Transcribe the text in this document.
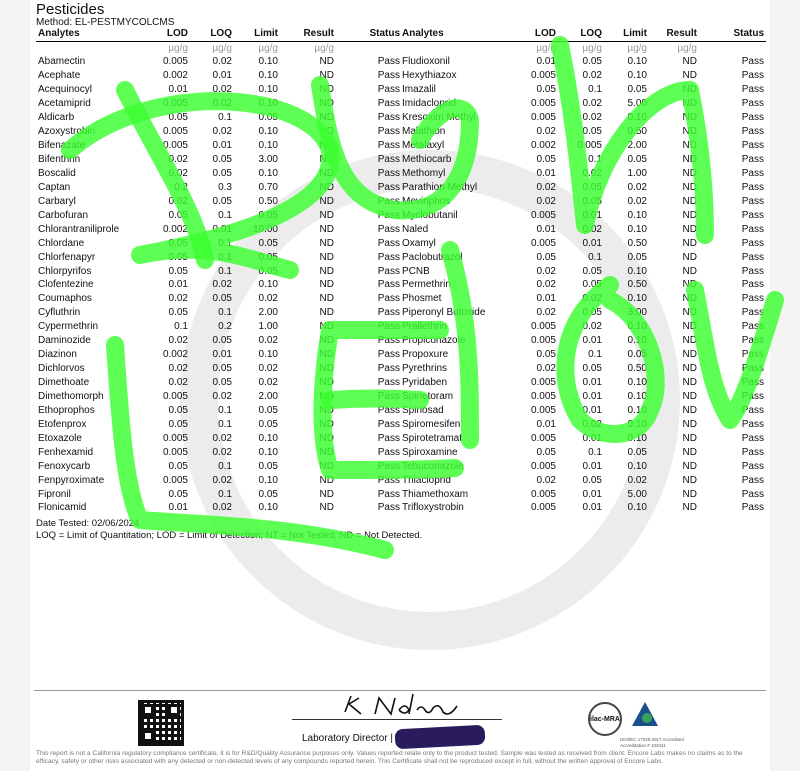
Pesticides
Method: EL-PESTMYCOLCMS
Analytes	LOD	LOQ	Limit	Result	Status
	µg/g	µg/g	µg/g	µg/g	
Abamectin	0.005	0.02	0.10	ND	Pass
Acephate	0.002	0.01	0.10	ND	Pass
Acequinocyl	0.01	0.02	0.10	ND	Pass
Acetamiprid	0.005	0.02	0.10	ND	Pass
Aldicarb	0.05	0.1	0.05	ND	Pass
Azoxystrobin	0.005	0.02	0.10	ND	Pass
Bifenazate	0.005	0.01	0.10	ND	Pass
Bifenthrin	0.02	0.05	3.00	ND	Pass
Boscalid	0.02	0.05	0.10	ND	Pass
Captan	0.2	0.3	0.70	ND	Pass
Carbaryl	0.02	0.05	0.50	ND	Pass
Carbofuran	0.05	0.1	0.05	ND	Pass
Chlorantraniliprole	0.002	0.01	10.00	ND	Pass
Chlordane	0.05	0.1	0.05	ND	Pass
Chlorfenapyr	0.05	0.1	0.05	ND	Pass
Chlorpyrifos	0.05	0.1	0.05	ND	Pass
Clofentezine	0.01	0.02	0.10	ND	Pass
Coumaphos	0.02	0.05	0.02	ND	Pass
Cyfluthrin	0.05	0.1	2.00	ND	Pass
Cypermethrin	0.1	0.2	1.00	ND	Pass
Daminozide	0.02	0.05	0.02	ND	Pass
Diazinon	0.002	0.01	0.10	ND	Pass
Dichlorvos	0.02	0.05	0.02	ND	Pass
Dimethoate	0.02	0.05	0.02	ND	Pass
Dimethomorph	0.005	0.02	2.00	ND	Pass
Ethoprophos	0.05	0.1	0.05	ND	Pass
Etofenprox	0.05	0.1	0.05	ND	Pass
Etoxazole	0.005	0.02	0.10	ND	Pass
Fenhexamid	0.005	0.02	0.10	ND	Pass
Fenoxycarb	0.05	0.1	0.05	ND	Pass
Fenpyroximate	0.005	0.02	0.10	ND	Pass
Fipronil	0.05	0.1	0.05	ND	Pass
Flonicamid	0.01	0.02	0.10	ND	Pass
Analytes	LOD	LOQ	Limit	Result	Status
	µg/g	µg/g	µg/g	µg/g	
Fludioxonil	0.01	0.05	0.10	ND	Pass
Hexythiazox	0.005	0.02	0.10	ND	Pass
Imazalil	0.05	0.1	0.05	ND	Pass
Imidacloprid	0.005	0.02	5.00	ND	Pass
Kresoxim Methyl	0.005	0.02	0.10	ND	Pass
Malathion	0.02	0.05	0.50	ND	Pass
Metalaxyl	0.002	0.005	2.00	ND	Pass
Methiocarb	0.05	0.1	0.05	ND	Pass
Methomyl	0.01	0.02	1.00	ND	Pass
Parathion Methyl	0.02	0.05	0.02	ND	Pass
Mevinphos	0.02	0.05	0.02	ND	Pass
Myclobutanil	0.005	0.01	0.10	ND	Pass
Naled	0.01	0.02	0.10	ND	Pass
Oxamyl	0.005	0.01	0.50	ND	Pass
Paclobutrazol	0.05	0.1	0.05	ND	Pass
PCNB	0.02	0.05	0.10	ND	Pass
Permethrin	0.02	0.05	0.50	ND	Pass
Phosmet	0.01	0.02	0.10	ND	Pass
Piperonyl Butoxide	0.02	0.05	3.00	ND	Pass
Prallethrin	0.005	0.02	0.10	ND	Pass
Propiconazole	0.005	0.01	0.10	ND	Pass
Propoxure	0.05	0.1	0.05	ND	Pass
Pyrethrins	0.02	0.05	0.50	ND	Pass
Pyridaben	0.005	0.01	0.10	ND	Pass
Spinetoram	0.005	0.01	0.10	ND	Pass
Spinosad	0.005	0.01	0.10	ND	Pass
Spiromesifen	0.01	0.02	0.10	ND	Pass
Spirotetramat	0.005	0.01	0.10	ND	Pass
Spiroxamine	0.05	0.1	0.05	ND	Pass
Tebuconazole	0.005	0.01	0.10	ND	Pass
Thiacloprid	0.02	0.05	0.02	ND	Pass
Thiamethoxam	0.005	0.01	5.00	ND	Pass
Trifloxystrobin	0.005	0.01	0.10	ND	Pass
Date Tested: 02/06/2024
LOQ = Limit of Quantitation; LOD = Limit of Detection; NT = Not Tested; ND = Not Detected.
Laboratory Director |
ilac-MRA
ISO/IEC 17025:2017 Accredited Accreditation # 103411
This report is not a California regulatory compliance certificate, it is for R&D/Quality Assurance purposes only. Values reported relate only to the product tested. Sample was tested as received from client. Encore Labs makes no claims as to the efficacy, safety or other risks associated with any detected or non-detected levels of any compounds reported herein. This Certificate shall not be reproduced except in full, without the written approval of Encore Labs.
